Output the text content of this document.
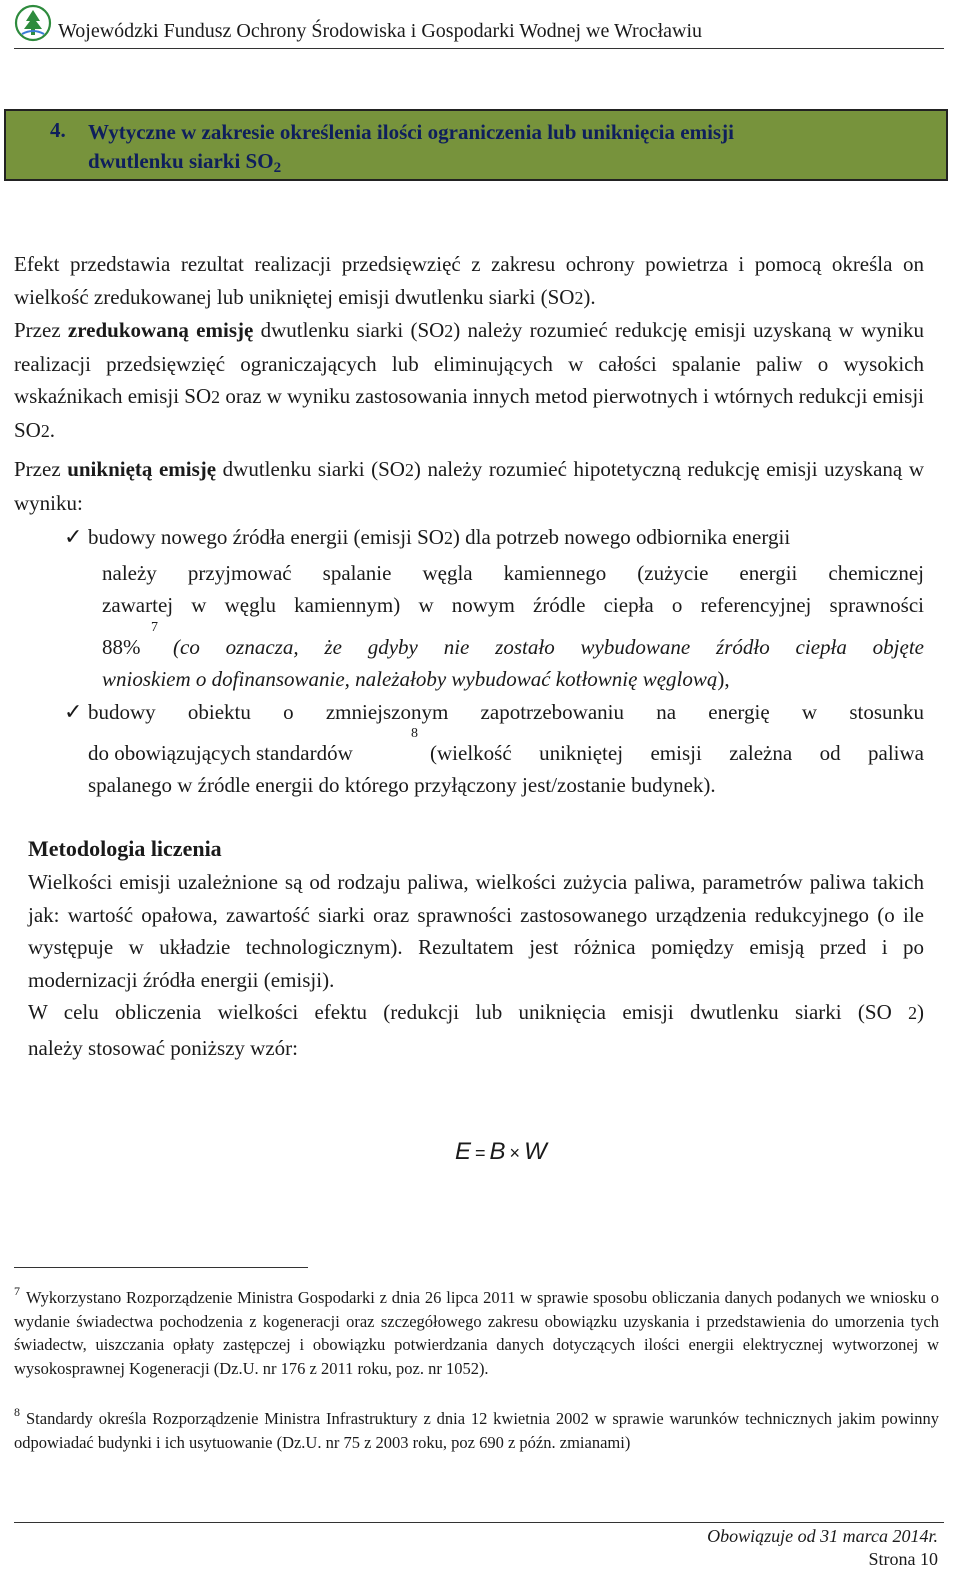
Wojewódzki Fundusz Ochrony Środowiska i Gospodarki Wodnej we Wrocławiu
4. Wytyczne w zakresie określenia ilości ograniczenia lub uniknięcia emisji
dwutlenku siarki SO2
Efekt przedstawia rezultat realizacji przedsięwzięć z zakresu ochrony powietrza i pomocą określa on wielkość zredukowanej lub unikniętej emisji dwutlenku siarki (SO2).
Przez zredukowaną emisję dwutlenku siarki (SO2) należy rozumieć redukcję emisji uzyskaną w wyniku realizacji przedsięwzięć ograniczających lub eliminujących w całości spalanie paliw o wysokich wskaźnikach emisji SO2 oraz w wyniku zastosowania innych metod pierwotnych i wtórnych redukcji emisji SO2.
Przez unikniętą emisję dwutlenku siarki (SO2) należy rozumieć hipotetyczną redukcję emisji uzyskaną w wyniku:
✓ budowy nowego źródła energii (emisji SO2) dla potrzeb nowego odbiornika energii
należy przyjmować spalanie węgla kamiennego (zużycie energii chemicznej
zawartej w węglu kamiennym) w nowym źródle ciepła o referencyjnej sprawności
88%
7
(co oznacza, że gdyby nie zostało wybudowane źródło ciepła objęte
wnioskiem o dofinansowanie, należałoby wybudować kotłownię węglową),
✓ budowy obiektu o zmniejszonym zapotrzebowaniu na energię w stosunku
do obowiązujących standardów
8
(wielkość unikniętej emisji zależna od paliwa
spalanego w źródle energii do którego przyłączony jest/zostanie budynek).
Metodologia liczenia
Wielkości emisji uzależnione są od rodzaju paliwa, wielkości zużycia paliwa, parametrów paliwa takich jak: wartość opałowa, zawartość siarki oraz sprawności zastosowanego urządzenia redukcyjnego (o ile występuje w układzie technologicznym). Rezultatem jest różnica pomiędzy emisją przed i po modernizacji źródła energii (emisji).
W celu obliczenia wielkości efektu (redukcji lub uniknięcia emisji dwutlenku siarki (SO 2)
należy stosować poniższy wzór:
E = B × W
$^7$ Wykorzystano Rozporządzenie Ministra Gospodarki z dnia 26 lipca 2011 w sprawie sposobu obliczania danych podanych we wniosku o wydanie świadectwa pochodzenia z kogeneracji oraz szczegółowego zakresu obowiązku uzyskania i przedstawienia do umorzenia tych świadectw, uiszczania opłaty zastępczej i obowiązku potwierdzania danych dotyczących ilości energii elektrycznej wytworzonej w wysokosprawnej Kogeneracji (Dz.U. nr 176 z 2011 roku, poz. nr 1052).
$^8$ Standardy określa Rozporządzenie Ministra Infrastruktury z dnia 12 kwietnia 2002 w sprawie warunków technicznych jakim powinny odpowiadać budynki i ich usytuowanie (Dz.U. nr 75 z 2003 roku, poz 690 z późn. zmianami)
Obowiązuje od 31 marca 2014r.
Strona 10
